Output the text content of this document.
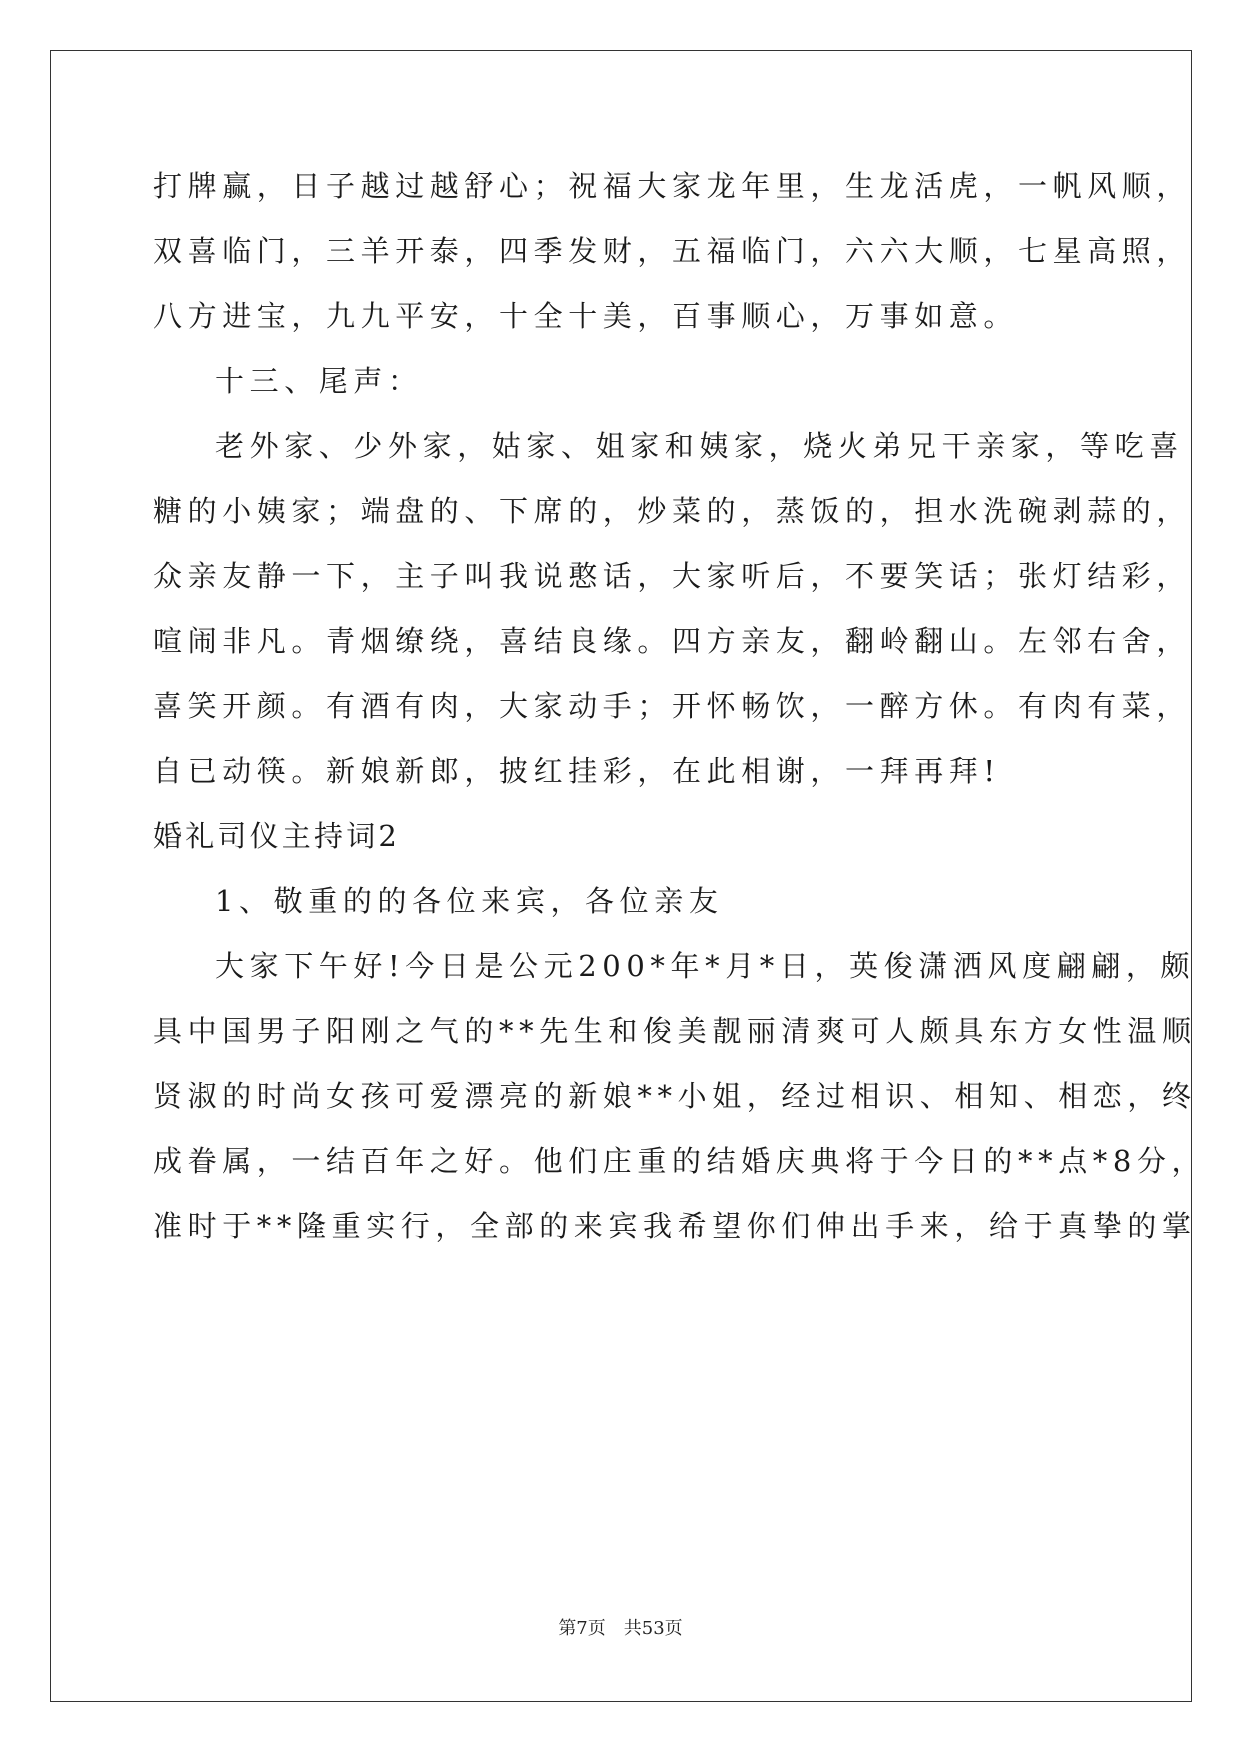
打牌赢，日子越过越舒心；祝福大家龙年里，生龙活虎，一帆风顺，
双喜临门，三羊开泰，四季发财，五福临门，六六大顺，七星高照，
八方进宝，九九平安，十全十美，百事顺心，万事如意。
十三、尾声：
老外家、少外家，姑家、姐家和姨家，烧火弟兄干亲家，等吃喜
糖的小姨家；端盘的、下席的，炒菜的，蒸饭的，担水洗碗剥蒜的，
众亲友静一下，主子叫我说憨话，大家听后，不要笑话；张灯结彩，
喧闹非凡。青烟缭绕，喜结良缘。四方亲友，翻岭翻山。左邻右舍，
喜笑开颜。有酒有肉，大家动手；开怀畅饮，一醉方休。有肉有菜，
自已动筷。新娘新郎，披红挂彩，在此相谢，一拜再拜!
婚礼司仪主持词2
1、敬重的的各位来宾，各位亲友
大家下午好!今日是公元200*年*月*日，英俊潇洒风度翩翩，颇
具中国男子阳刚之气的**先生和俊美靓丽清爽可人颇具东方女性温顺
贤淑的时尚女孩可爱漂亮的新娘**小姐，经过相识、相知、相恋，终
成眷属，一结百年之好。他们庄重的结婚庆典将于今日的**点*8分，
准时于**隆重实行，全部的来宾我希望你们伸出手来，给于真挚的掌
第7页 共53页
